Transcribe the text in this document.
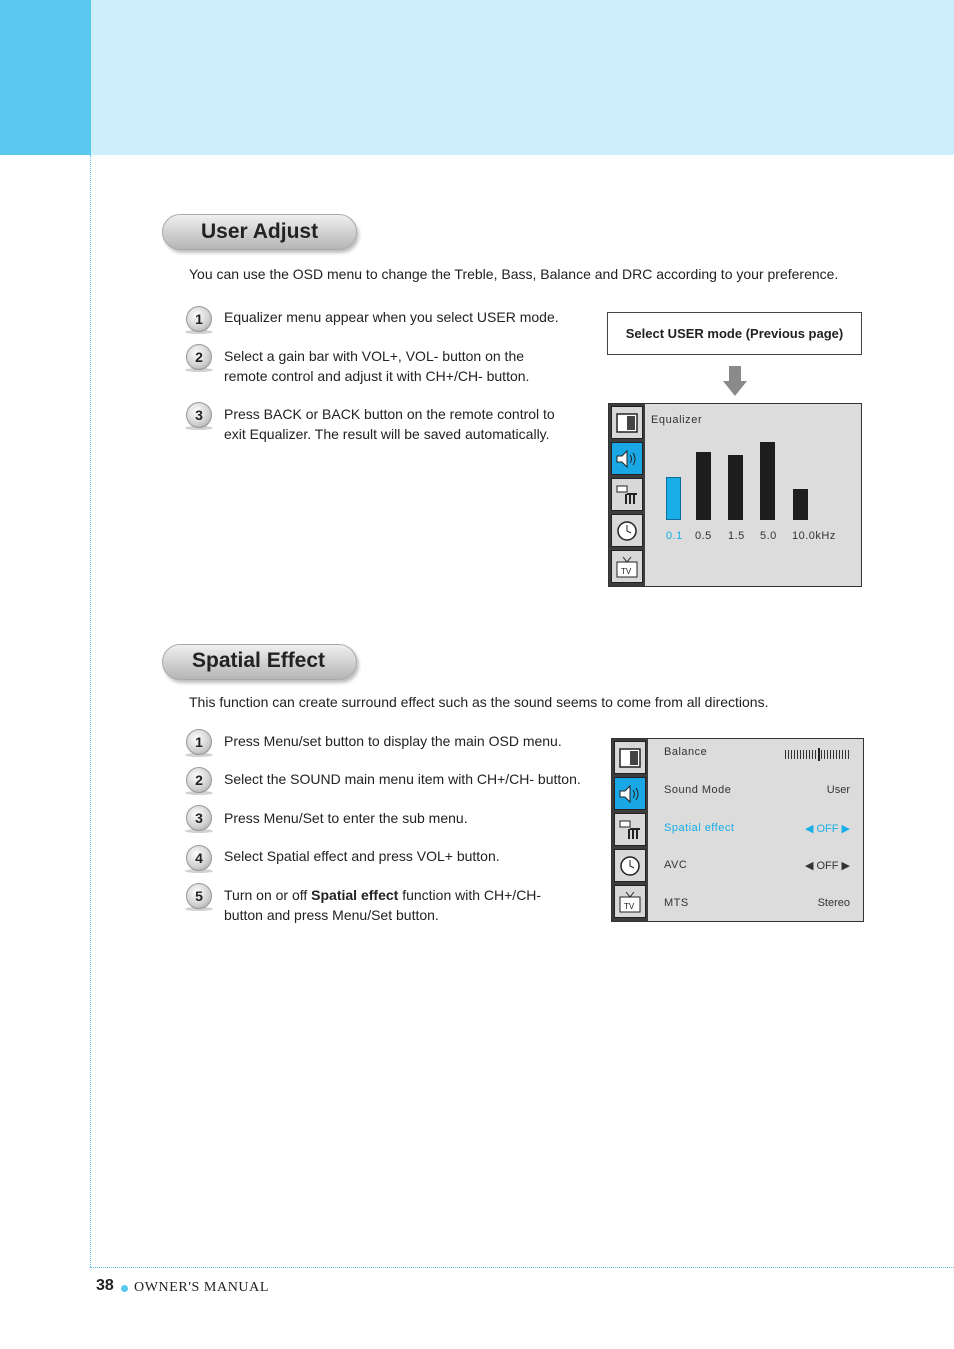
User Adjust
You can use the OSD menu to change the Treble, Bass, Balance and DRC according to your preference.
1	Equalizer menu appear when you select USER mode.
2	Select a gain bar with VOL+, VOL- button on the remote control and adjust it with CH+/CH- button.
3	Press BACK or BACK button on the remote control to exit Equalizer. The result will be saved automatically.
Select USER mode (Previous page)
TV
Equalizer
0.1 0.5 1.5 5.0 10.0kHz
Spatial Effect
This function can create surround effect such as the sound seems to come from all directions.
1	Press Menu/set button to display the main OSD menu.
2	Select the SOUND main menu item with CH+/CH- button.
3	Press Menu/Set to enter the sub menu.
4	Select Spatial effect and press VOL+ button.
5	Turn on or off Spatial effect function with CH+/CH- button and press Menu/Set button.
TV
Balance
Sound Mode	User
Spatial effect	◀ OFF ▶
AVC	◀ OFF ▶
MTS	Stereo
38 OWNER'S MANUAL
